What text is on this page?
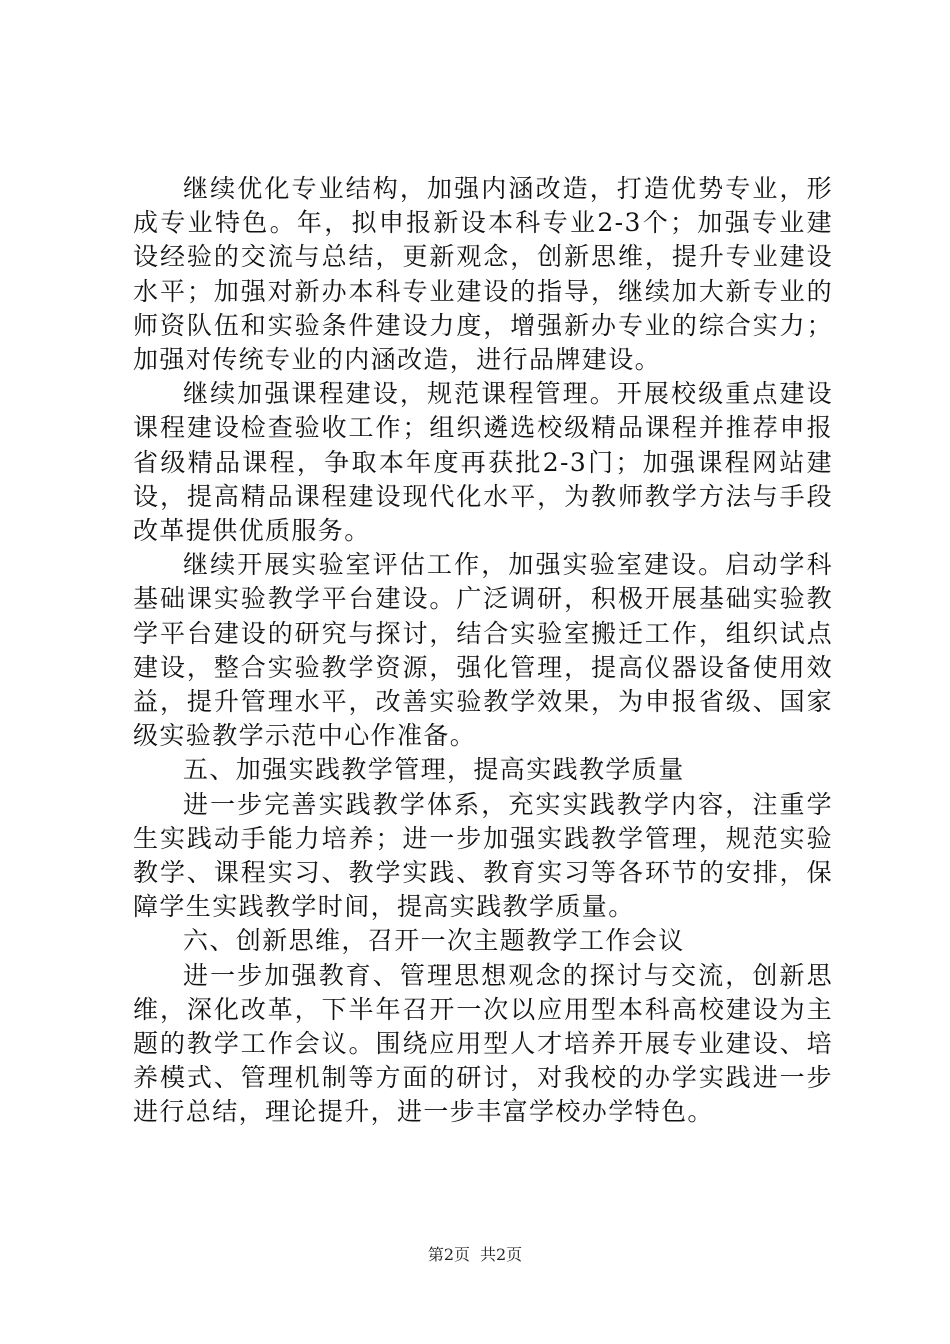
继续优化专业结构，加强内涵改造，打造优势专业，形成专业特色。年，拟申报新设本科专业2-3个；加强专业建设经验的交流与总结，更新观念，创新思维，提升专业建设水平；加强对新办本科专业建设的指导，继续加大新专业的师资队伍和实验条件建设力度，增强新办专业的综合实力；加强对传统专业的内涵改造，进行品牌建设。

继续加强课程建设，规范课程管理。开展校级重点建设课程建设检查验收工作；组织遴选校级精品课程并推荐申报省级精品课程，争取本年度再获批2-3门；加强课程网站建设，提高精品课程建设现代化水平，为教师教学方法与手段改革提供优质服务。

继续开展实验室评估工作，加强实验室建设。启动学科基础课实验教学平台建设。广泛调研，积极开展基础实验教学平台建设的研究与探讨，结合实验室搬迁工作，组织试点建设，整合实验教学资源，强化管理，提高仪器设备使用效益，提升管理水平，改善实验教学效果，为申报省级、国家级实验教学示范中心作准备。

五、加强实践教学管理，提高实践教学质量

进一步完善实践教学体系，充实实践教学内容，注重学生实践动手能力培养；进一步加强实践教学管理，规范实验教学、课程实习、教学实践、教育实习等各环节的安排，保障学生实践教学时间，提高实践教学质量。

六、创新思维，召开一次主题教学工作会议

进一步加强教育、管理思想观念的探讨与交流，创新思维，深化改革，下半年召开一次以应用型本科高校建设为主题的教学工作会议。围绕应用型人才培养开展专业建设、培养模式、管理机制等方面的研讨，对我校的办学实践进一步进行总结，理论提升，进一步丰富学校办学特色。

第2页 共2页
